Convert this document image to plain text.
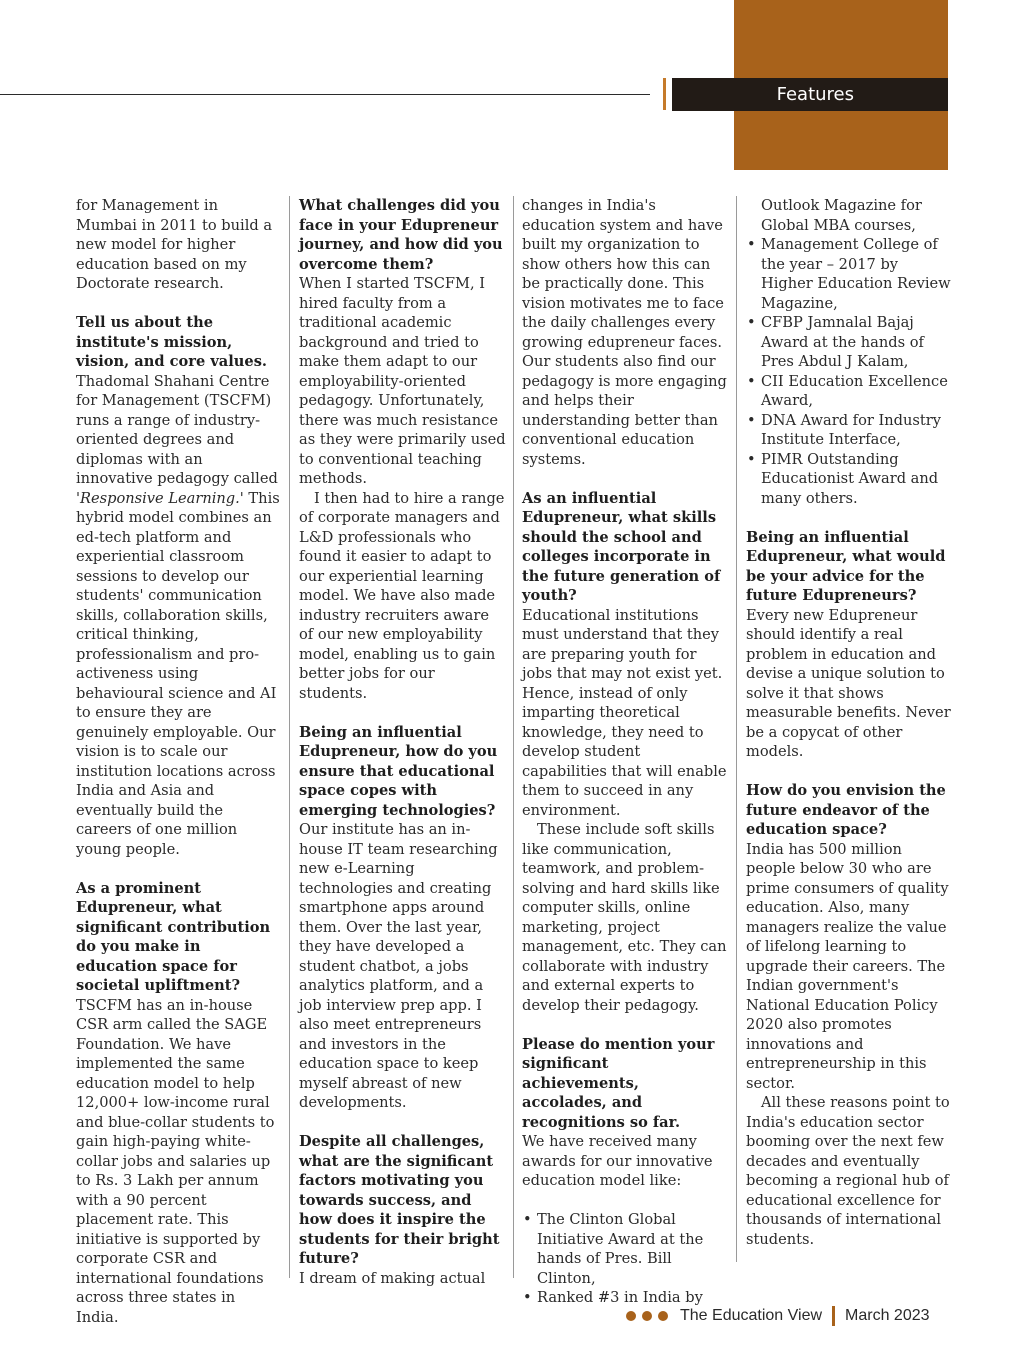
Features

for Management in Mumbai in 2011 to build a new model for higher education based on my Doctorate research.

Tell us about the institute's mission, vision, and core values.

Thadomal Shahani Centre for Management (TSCFM) runs a range of industry-oriented degrees and diplomas with an innovative pedagogy called 'Responsive Learning.' This hybrid model combines an ed-tech platform and experiential classroom sessions to develop our students' communication skills, collaboration skills, critical thinking, professionalism and pro-activeness using behavioural science and AI to ensure they are genuinely employable. Our vision is to scale our institution locations across India and Asia and eventually build the careers of one million young people.

As a prominent Edupreneur, what significant contribution do you make in education space for societal upliftment?

TSCFM has an in-house CSR arm called the SAGE Foundation. We have implemented the same education model to help 12,000+ low-income rural and blue-collar students to gain high-paying white-collar jobs and salaries up to Rs. 3 Lakh per annum with a 90 percent placement rate. This initiative is supported by corporate CSR and international foundations across three states in India.

What challenges did you face in your Edupreneur journey, and how did you overcome them?

When I started TSCFM, I hired faculty from a traditional academic background and tried to make them adapt to our employability-oriented pedagogy. Unfortunately, there was much resistance as they were primarily used to conventional teaching methods.

I then had to hire a range of corporate managers and L&D professionals who found it easier to adapt to our experiential learning model. We have also made industry recruiters aware of our new employability model, enabling us to gain better jobs for our students.

Being an influential Edupreneur, how do you ensure that educational space copes with emerging technologies?

Our institute has an in-house IT team researching new e-Learning technologies and creating smartphone apps around them. Over the last year, they have developed a student chatbot, a jobs analytics platform, and a job interview prep app. I also meet entrepreneurs and investors in the education space to keep myself abreast of new developments.

Despite all challenges, what are the significant factors motivating you towards success, and how does it inspire the students for their bright future?

I dream of making actual

changes in India's education system and have built my organization to show others how this can be practically done. This vision motivates me to face the daily challenges every growing edupreneur faces. Our students also find our pedagogy is more engaging and helps their understanding better than conventional education systems.

As an influential Edupreneur, what skills should the school and colleges incorporate in the future generation of youth?

Educational institutions must understand that they are preparing youth for jobs that may not exist yet. Hence, instead of only imparting theoretical knowledge, they need to develop student capabilities that will enable them to succeed in any environment.

These include soft skills like communication, teamwork, and problem-solving and hard skills like computer skills, online marketing, project management, etc. They can collaborate with industry and external experts to develop their pedagogy.

Please do mention your significant achievements, accolades, and recognitions so far.

We have received many awards for our innovative education model like:

• The Clinton Global Initiative Award at the hands of Pres. Bill Clinton,
• Ranked #3 in India by

Outlook Magazine for Global MBA courses,

• Management College of the year – 2017 by Higher Education Review Magazine,
• CFBP Jamnalal Bajaj Award at the hands of Pres Abdul J Kalam,
• CII Education Excellence Award,
• DNA Award for Industry Institute Interface,
• PIMR Outstanding Educationist Award and many others.

Being an influential Edupreneur, what would be your advice for the future Edupreneurs?

Every new Edupreneur should identify a real problem in education and devise a unique solution to solve it that shows measurable benefits. Never be a copycat of other models.

How do you envision the future endeavor of the education space?

India has 500 million people below 30 who are prime consumers of quality education. Also, many managers realize the value of lifelong learning to upgrade their careers. The Indian government's National Education Policy 2020 also promotes innovations and entrepreneurship in this sector.

All these reasons point to India's education sector booming over the next few decades and eventually becoming a regional hub of educational excellence for thousands of international students.

The Education View March 2023
